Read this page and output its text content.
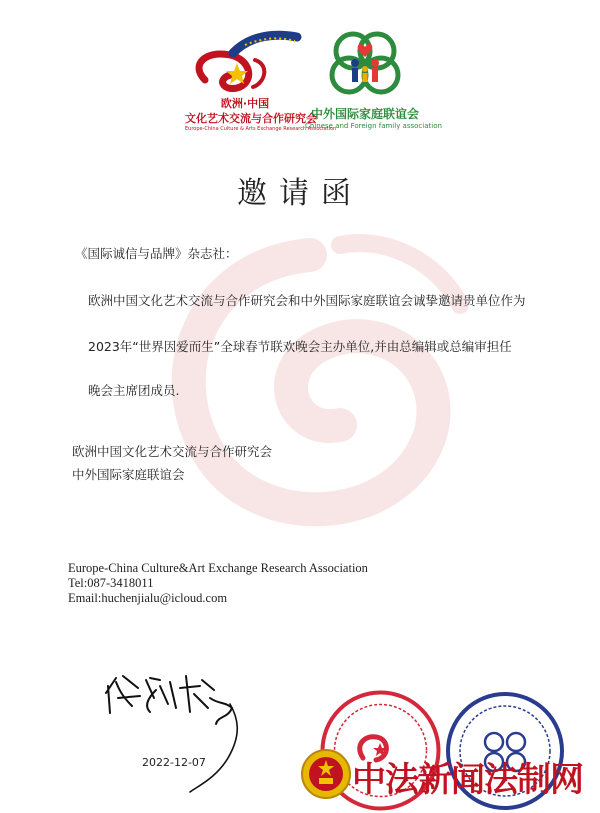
欧洲·中国
文化艺术交流与合作研究会
Europe-China Culture & Arts Exchange Research Association
中外国际家庭联谊会
Chinese and Foreign family association
邀请函
《国际诚信与品牌》杂志社：
欧洲中国文化艺术交流与合作研究会和中外国际家庭联谊会诚挚邀请贵单位作为
2023年“世界因爱而生”全球春节联欢晚会主办单位,并由总编辑或总编审担任
晚会主席团成员.
欧洲中国文化艺术交流与合作研究会
中外国际家庭联谊会
Europe-China Culture&Art Exchange Research Association
Tel:087-3418011
Email:huchenjialu@icloud.com
2022-12-07	中法新闻法制网
